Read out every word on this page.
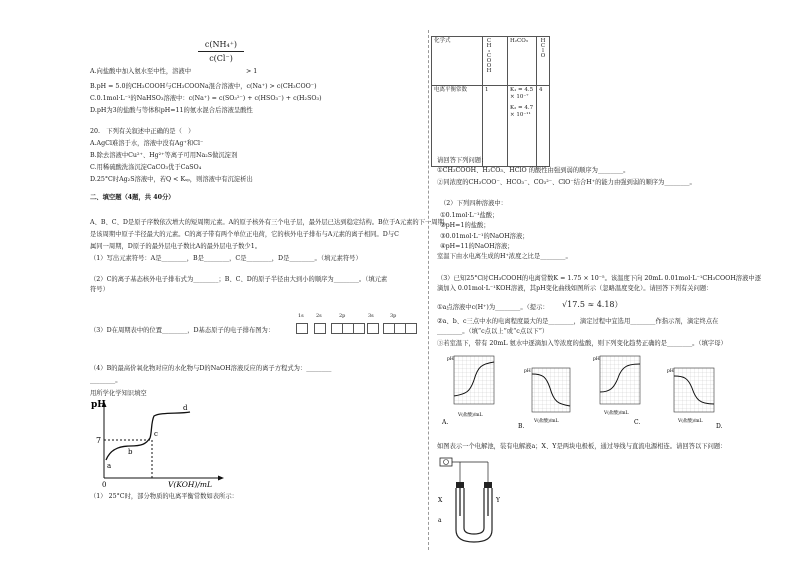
c(NH₄⁺)
c(Cl⁻)
A.向盐酸中加入氨水至中性，溶液中	> 1
B.pH = 5.0的CH₃COOH与CH₃COONa混合溶液中，c(Na⁺) > c(CH₃COO⁻)
C.0.1mol·L⁻¹的NaHSO₃溶液中：c(Na⁺) = c(SO₃²⁻) + c(HSO₃⁻) + c(H₂SO₃)
D.pH为3的盐酸与等体积pH=11的氨水混合后溶液呈酸性
20. 下列有关叙述中正确的是（　）
A.AgCl难溶于水，溶液中没有Ag⁺和Cl⁻
B.除去溶液中Cu²⁺、Hg²⁺等离子可用Na₂S做沉淀剂
C.用稀硫酸洗涤沉淀CaCO₃优于CaSO₄
D.25°C时Ag₂S溶液中，若Q < Kₛₚ，则溶液中有沉淀析出
二、填空题（4题，共 40分）
A、B、C、D是原子序数依次增大的短周期元素。A的原子核外有三个电子层，最外层已达到稳定结构。B位于A元素的下一周期，
是该周期中原子半径最大的元素。C的离子带有两个单位正电荷，它的核外电子排布与A元素的离子相同。D与C
属同一周期，D原子的最外层电子数比A的最外层电子数少1。
（1）写出元素符号：A是________，B是________，C是________，D是________。（填元素符号）
（2）C的离子基态核外电子排布式为________；B、C、D的原子半径由大到小的顺序为________。（填元素
符号）
1s 2s	2p	3s	3p
（3）D在周期表中的位置________，D基态原子的电子排布图为：
（4）B的最高价氧化物对应的水化物与D的NaOH溶液反应的离子方程式为：________
________。
用所学化学知识填空
pH
7
0	V(KOH)/mL
a
b
c
d
（1） 25°C时，部分物质的电离平衡常数如表所示：
化学式	CH₃COOH	H₂CO₃	HClO
电离平衡常数	1	K₁ = 4.5 × 10⁻⁷
K₂ = 4.7 × 10⁻¹¹	4
请回答下列问题：
①CH₃COOH、H₂CO₃、HClO 的酸性由强到弱的顺序为________。
②同浓度的CH₃COO⁻、HCO₃⁻、CO₃²⁻、ClO⁻结合H⁺的能力由强到弱的顺序为________。
（2）下列四种溶液中：
①0.1mol·L⁻¹盐酸；
②pH=1的盐酸；
③0.01mol·L⁻¹的NaOH溶液；
④pH=11的NaOH溶液；
室温下由水电离生成的H⁺浓度之比是________。
（3）已知25°C时CH₃COOH的电离常数K = 1.75 × 10⁻⁵。该温度下向 20mL 0.01mol·L⁻¹CH₃COOH溶液中逐
滴加入 0.01mol·L⁻¹KOH溶液，其pH变化曲线如图所示（忽略温度变化）。请回答下列有关问题：
①a点溶液中c(H⁺)为________。（提示： √17.5 ≈ 4.18）
②a、b、c三点中水的电离程度最大的是________，滴定过程中宜选用________作指示剂，滴定终点在
________。（填“c点以上”或“c点以下”）
③若室温下，带有 20mL 氨水中逐滴加入等浓度的盐酸，则下列变化趋势正确的是________。（填字母）
pH
V(盐酸)/mL
A.
pH
V(盐酸)/mL
B.
pH
V(盐酸)/mL
C.
pH
V(盐酸)/mL
D.
如图表示一个电解池，装有电解液a；X、Y是两块电极板，通过导线与直流电源相连。请回答以下问题：
X	Y
a
